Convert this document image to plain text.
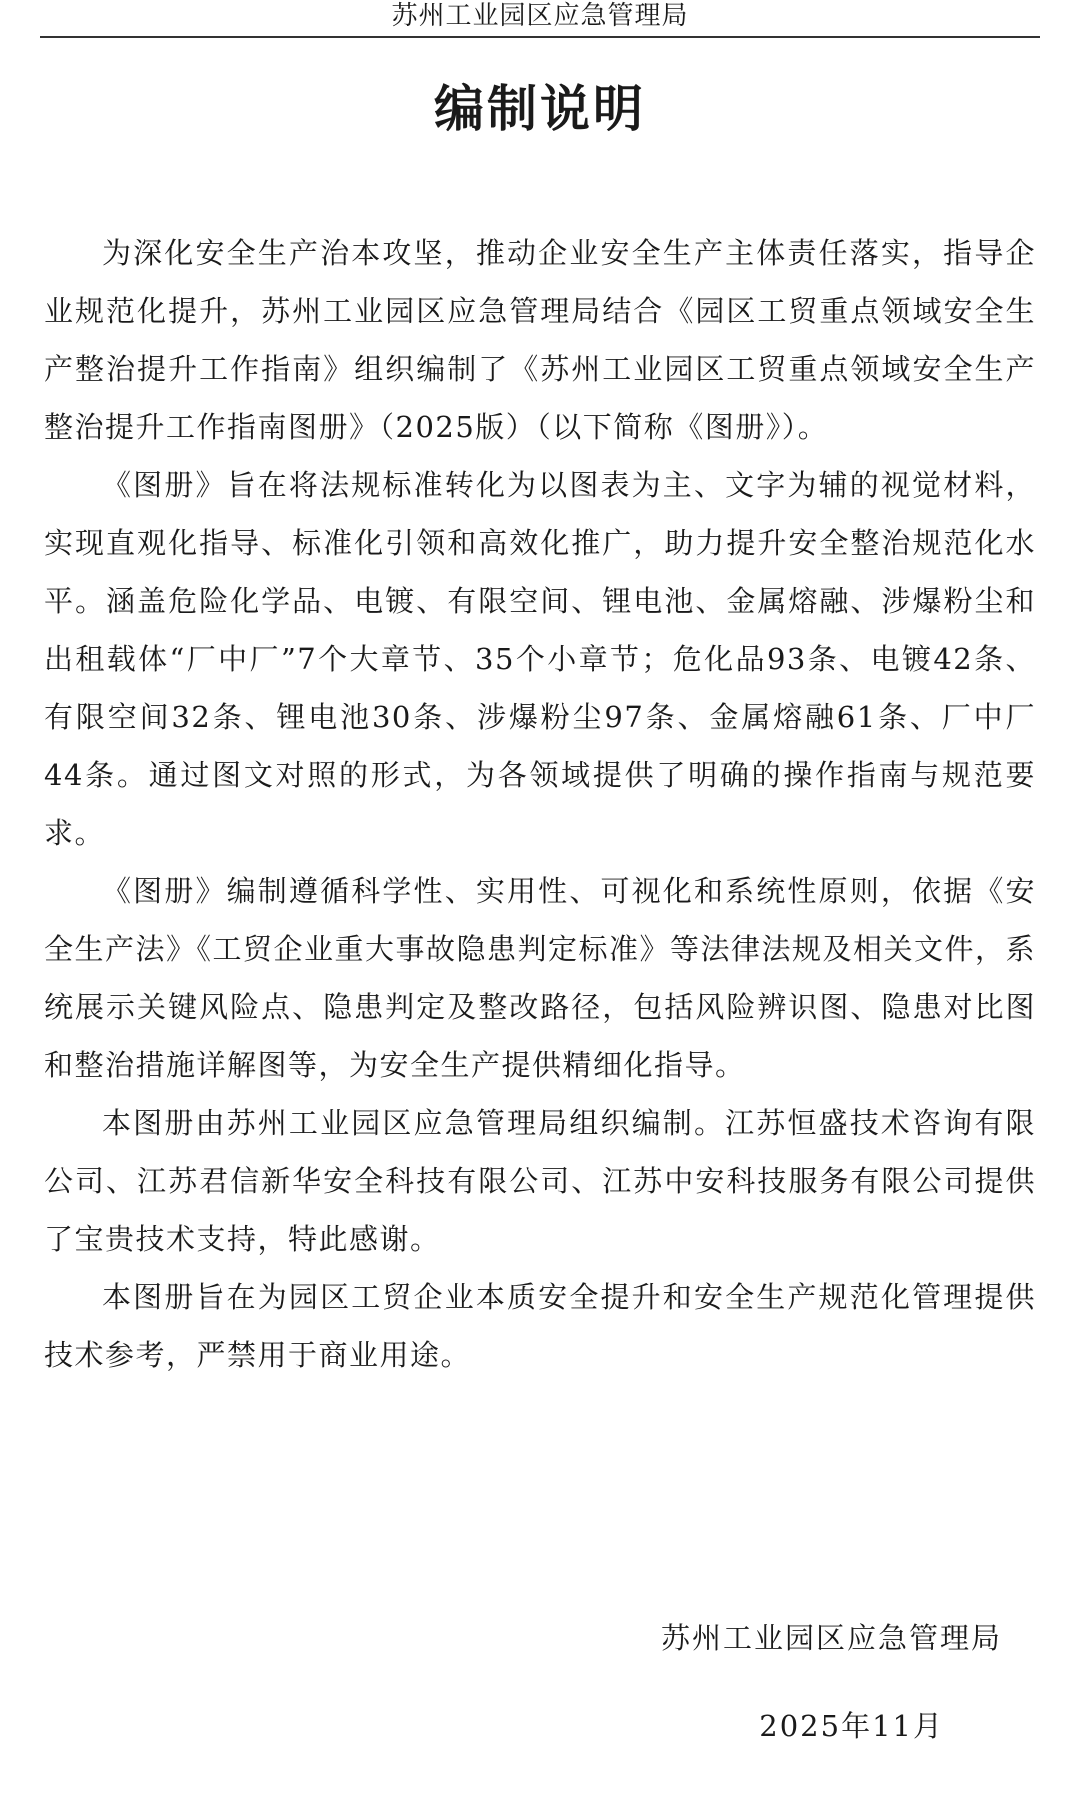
苏州工业园区应急管理局
编制说明

为深化安全生产治本攻坚，推动企业安全生产主体责任落实，指导企业规范化提升，苏州工业园区应急管理局结合《园区工贸重点领域安全生产整治提升工作指南》组织编制了《苏州工业园区工贸重点领域安全生产整治提升工作指南图册》（2025版）（以下简称《图册》）。

《图册》旨在将法规标准转化为以图表为主、文字为辅的视觉材料，实现直观化指导、标准化引领和高效化推广，助力提升安全整治规范化水平。涵盖危险化学品、电镀、有限空间、锂电池、金属熔融、涉爆粉尘和出租载体“厂中厂”7个大章节、35个小章节；危化品93条、电镀42条、有限空间32条、锂电池30条、涉爆粉尘97条、金属熔融61条、厂中厂44条。通过图文对照的形式，为各领域提供了明确的操作指南与规范要求。

《图册》编制遵循科学性、实用性、可视化和系统性原则，依据《安全生产法》《工贸企业重大事故隐患判定标准》等法律法规及相关文件，系统展示关键风险点、隐患判定及整改路径，包括风险辨识图、隐患对比图和整治措施详解图等，为安全生产提供精细化指导。

本图册由苏州工业园区应急管理局组织编制。江苏恒盛技术咨询有限公司、江苏君信新华安全科技有限公司、江苏中安科技服务有限公司提供了宝贵技术支持，特此感谢。

本图册旨在为园区工贸企业本质安全提升和安全生产规范化管理提供技术参考，严禁用于商业用途。

苏州工业园区应急管理局
2025年11月
